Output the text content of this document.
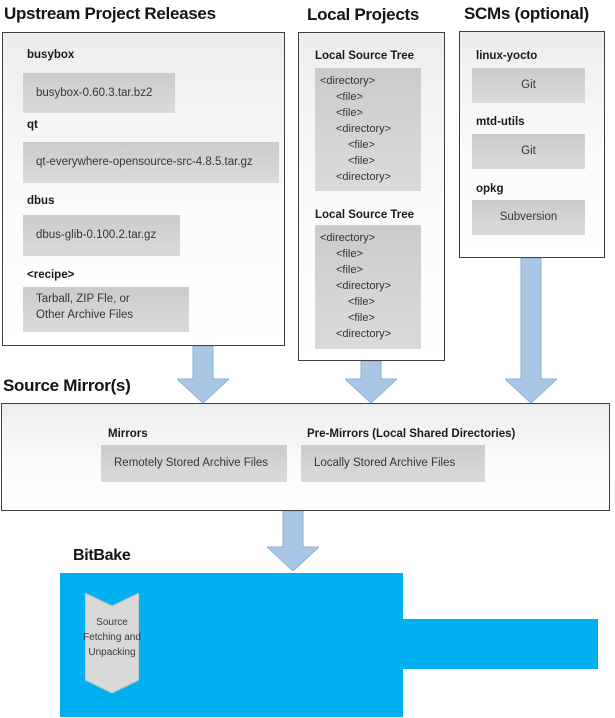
Upstream Project Releases	Local Projects	SCMs (optional)
Source Mirror(s)
BitBake
busybox
busybox-0.60.3.tar.bz2
qt
qt-everywhere-opensource-src-4.8.5.tar.gz
dbus
dbus-glib-0.100.2.tar.gz
<recipe>
Tarball, ZIP Fle, or
Other Archive Files
Local Source Tree
<directory>
<file>
<file>
<directory>
<file>
<file>
<directory>
Local Source Tree
<directory>
<file>
<file>
<directory>
<file>
<file>
<directory>
linux-yocto
Git
mtd-utils
Git
opkg
Subversion
Mirrors
Remotely Stored Archive Files
Pre-Mirrors (Local Shared Directories)
Locally Stored Archive Files
Source
Fetching and
Unpacking
